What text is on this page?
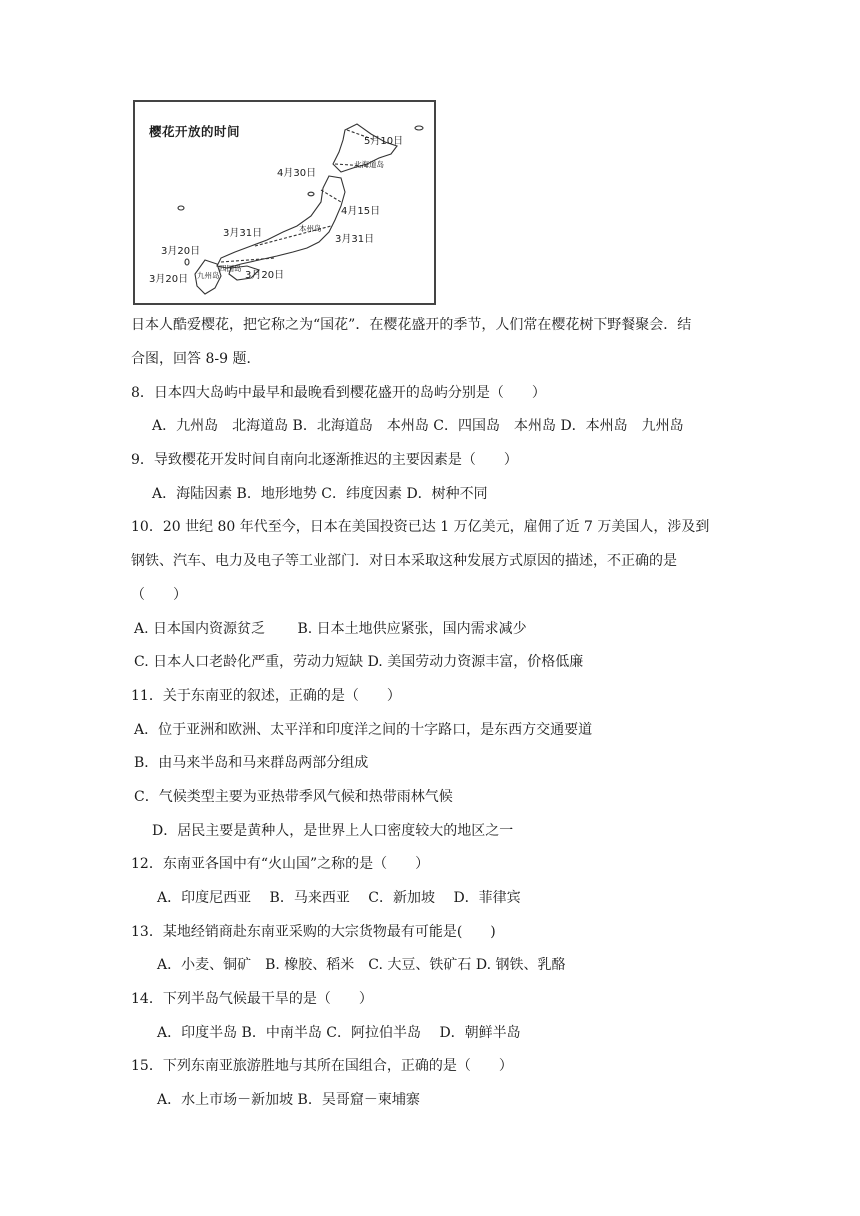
樱花开放的时间
5月10日
4月30日
北海道岛
4月15日
3月31日	本州岛
3月31日
3月20日
四国岛
3月20日
3月20日 九州岛
日本人酷爱樱花，把它称之为“国花”．在樱花盛开的季节，人们常在樱花树下野餐聚会．结
合图，回答 8-9 题．
8．日本四大岛屿中最早和最晚看到樱花盛开的岛屿分别是（　　）
A．九州岛　北海道岛 B．北海道岛　本州岛 C．四国岛　本州岛 D．本州岛　九州岛
9．导致樱花开发时间自南向北逐渐推迟的主要因素是（　　）
A．海陆因素 B．地形地势 C．纬度因素 D．树种不同
10．20 世纪 80 年代至今，日本在美国投资已达 1 万亿美元，雇佣了近 7 万美国人，涉及到
钢铁、汽车、电力及电子等工业部门．对日本采取这种发展方式原因的描述，不正确的是
（　　）
A. 日本国内资源贫乏　　 B. 日本土地供应紧张，国内需求减少
C. 日本人口老龄化严重，劳动力短缺 D. 美国劳动力资源丰富，价格低廉
11．关于东南亚的叙述，正确的是（　　）
A．位于亚洲和欧洲、太平洋和印度洋之间的十字路口，是东西方交通要道
B．由马来半岛和马来群岛两部分组成
C．气候类型主要为亚热带季风气候和热带雨林气候
D．居民主要是黄种人，是世界上人口密度较大的地区之一
12．东南亚各国中有“火山国”之称的是（　　）
A．印度尼西亚　 B．马来西亚　 C．新加坡　 D．菲律宾
13．某地经销商赴东南亚采购的大宗货物最有可能是(　　)
A．小麦、铜矿　B. 橡胶、稻米　C. 大豆、铁矿石 D. 钢铁、乳酪
14．下列半岛气候最干旱的是（　　）
A．印度半岛 B．中南半岛 C．阿拉伯半岛　 D．朝鲜半岛
15．下列东南亚旅游胜地与其所在国组合，正确的是（　　）
A．水上市场－新加坡 B．吴哥窟－柬埔寨
